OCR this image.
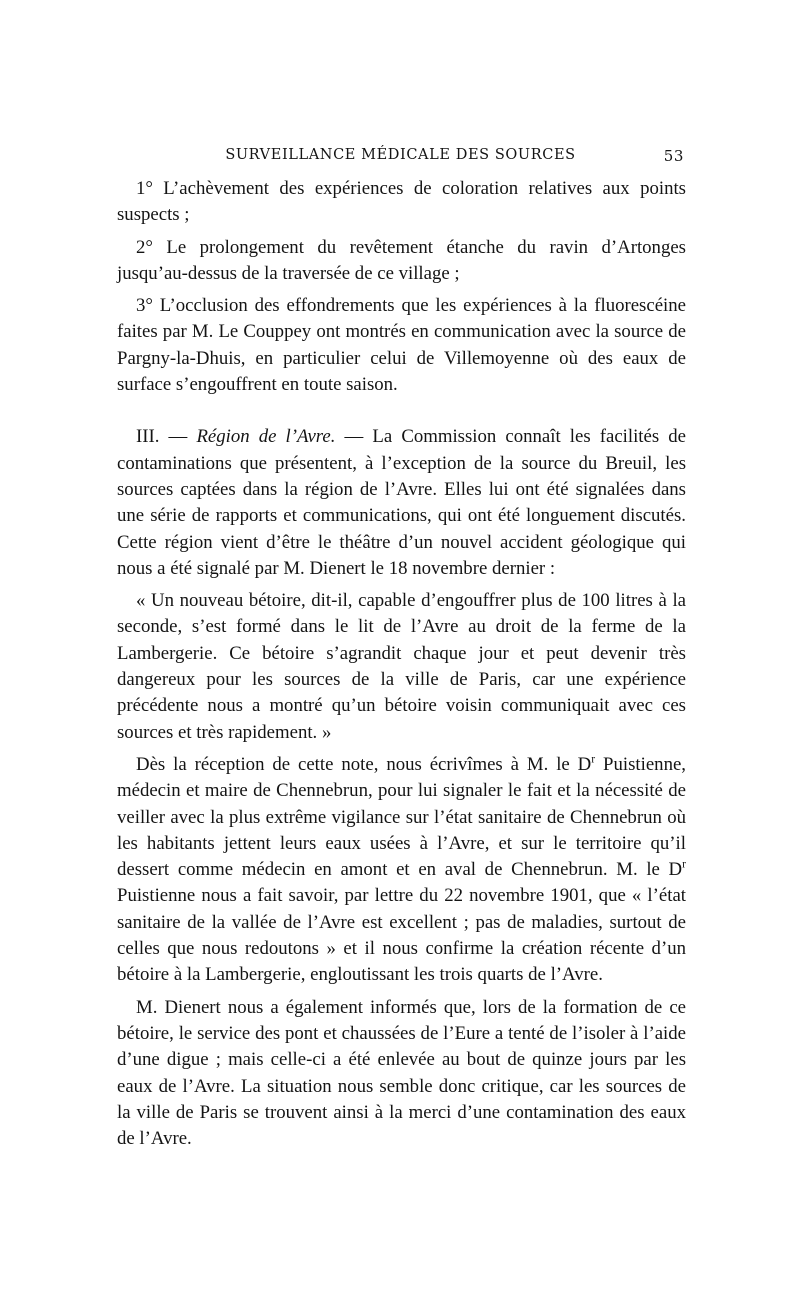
SURVEILLANCE MÉDICALE DES SOURCES	53

1° L’achèvement des expériences de coloration relatives aux points suspects ;

2° Le prolongement du revêtement étanche du ravin d’Artonges jusqu’au-dessus de la traversée de ce village ;

3° L’occlusion des effondrements que les expériences à la fluorescéine faites par M. Le Couppey ont montrés en communication avec la source de Pargny-la-Dhuis, en particulier celui de Villemoyenne où des eaux de surface s’engouffrent en toute saison.

III. — Région de l’Avre. — La Commission connaît les facilités de contaminations que présentent, à l’exception de la source du Breuil, les sources captées dans la région de l’Avre. Elles lui ont été signalées dans une série de rapports et communications, qui ont été longuement discutés. Cette région vient d’être le théâtre d’un nouvel accident géologique qui nous a été signalé par M. Dienert le 18 novembre dernier :

« Un nouveau bétoire, dit-il, capable d’engouffrer plus de 100 litres à la seconde, s’est formé dans le lit de l’Avre au droit de la ferme de la Lambergerie. Ce bétoire s’agrandit chaque jour et peut devenir très dangereux pour les sources de la ville de Paris, car une expérience précédente nous a montré qu’un bétoire voisin communiquait avec ces sources et très rapidement. »

Dès la réception de cette note, nous écrivîmes à M. le $D^r$ Puistienne, médecin et maire de Chennebrun, pour lui signaler le fait et la nécessité de veiller avec la plus extrême vigilance sur l’état sanitaire de Chennebrun où les habitants jettent leurs eaux usées à l’Avre, et sur le territoire qu’il dessert comme médecin en amont et en aval de Chennebrun. M. le $D^r$ Puistienne nous a fait savoir, par lettre du 22 novembre 1901, que « l’état sanitaire de la vallée de l’Avre est excellent ; pas de maladies, surtout de celles que nous redoutons » et il nous confirme la création récente d’un bétoire à la Lambergerie, engloutissant les trois quarts de l’Avre.

M. Dienert nous a également informés que, lors de la formation de ce bétoire, le service des pont et chaussées de l’Eure a tenté de l’isoler à l’aide d’une digue ; mais celle-ci a été enlevée au bout de quinze jours par les eaux de l’Avre. La situation nous semble donc critique, car les sources de la ville de Paris se trouvent ainsi à la merci d’une contamination des eaux de l’Avre.
